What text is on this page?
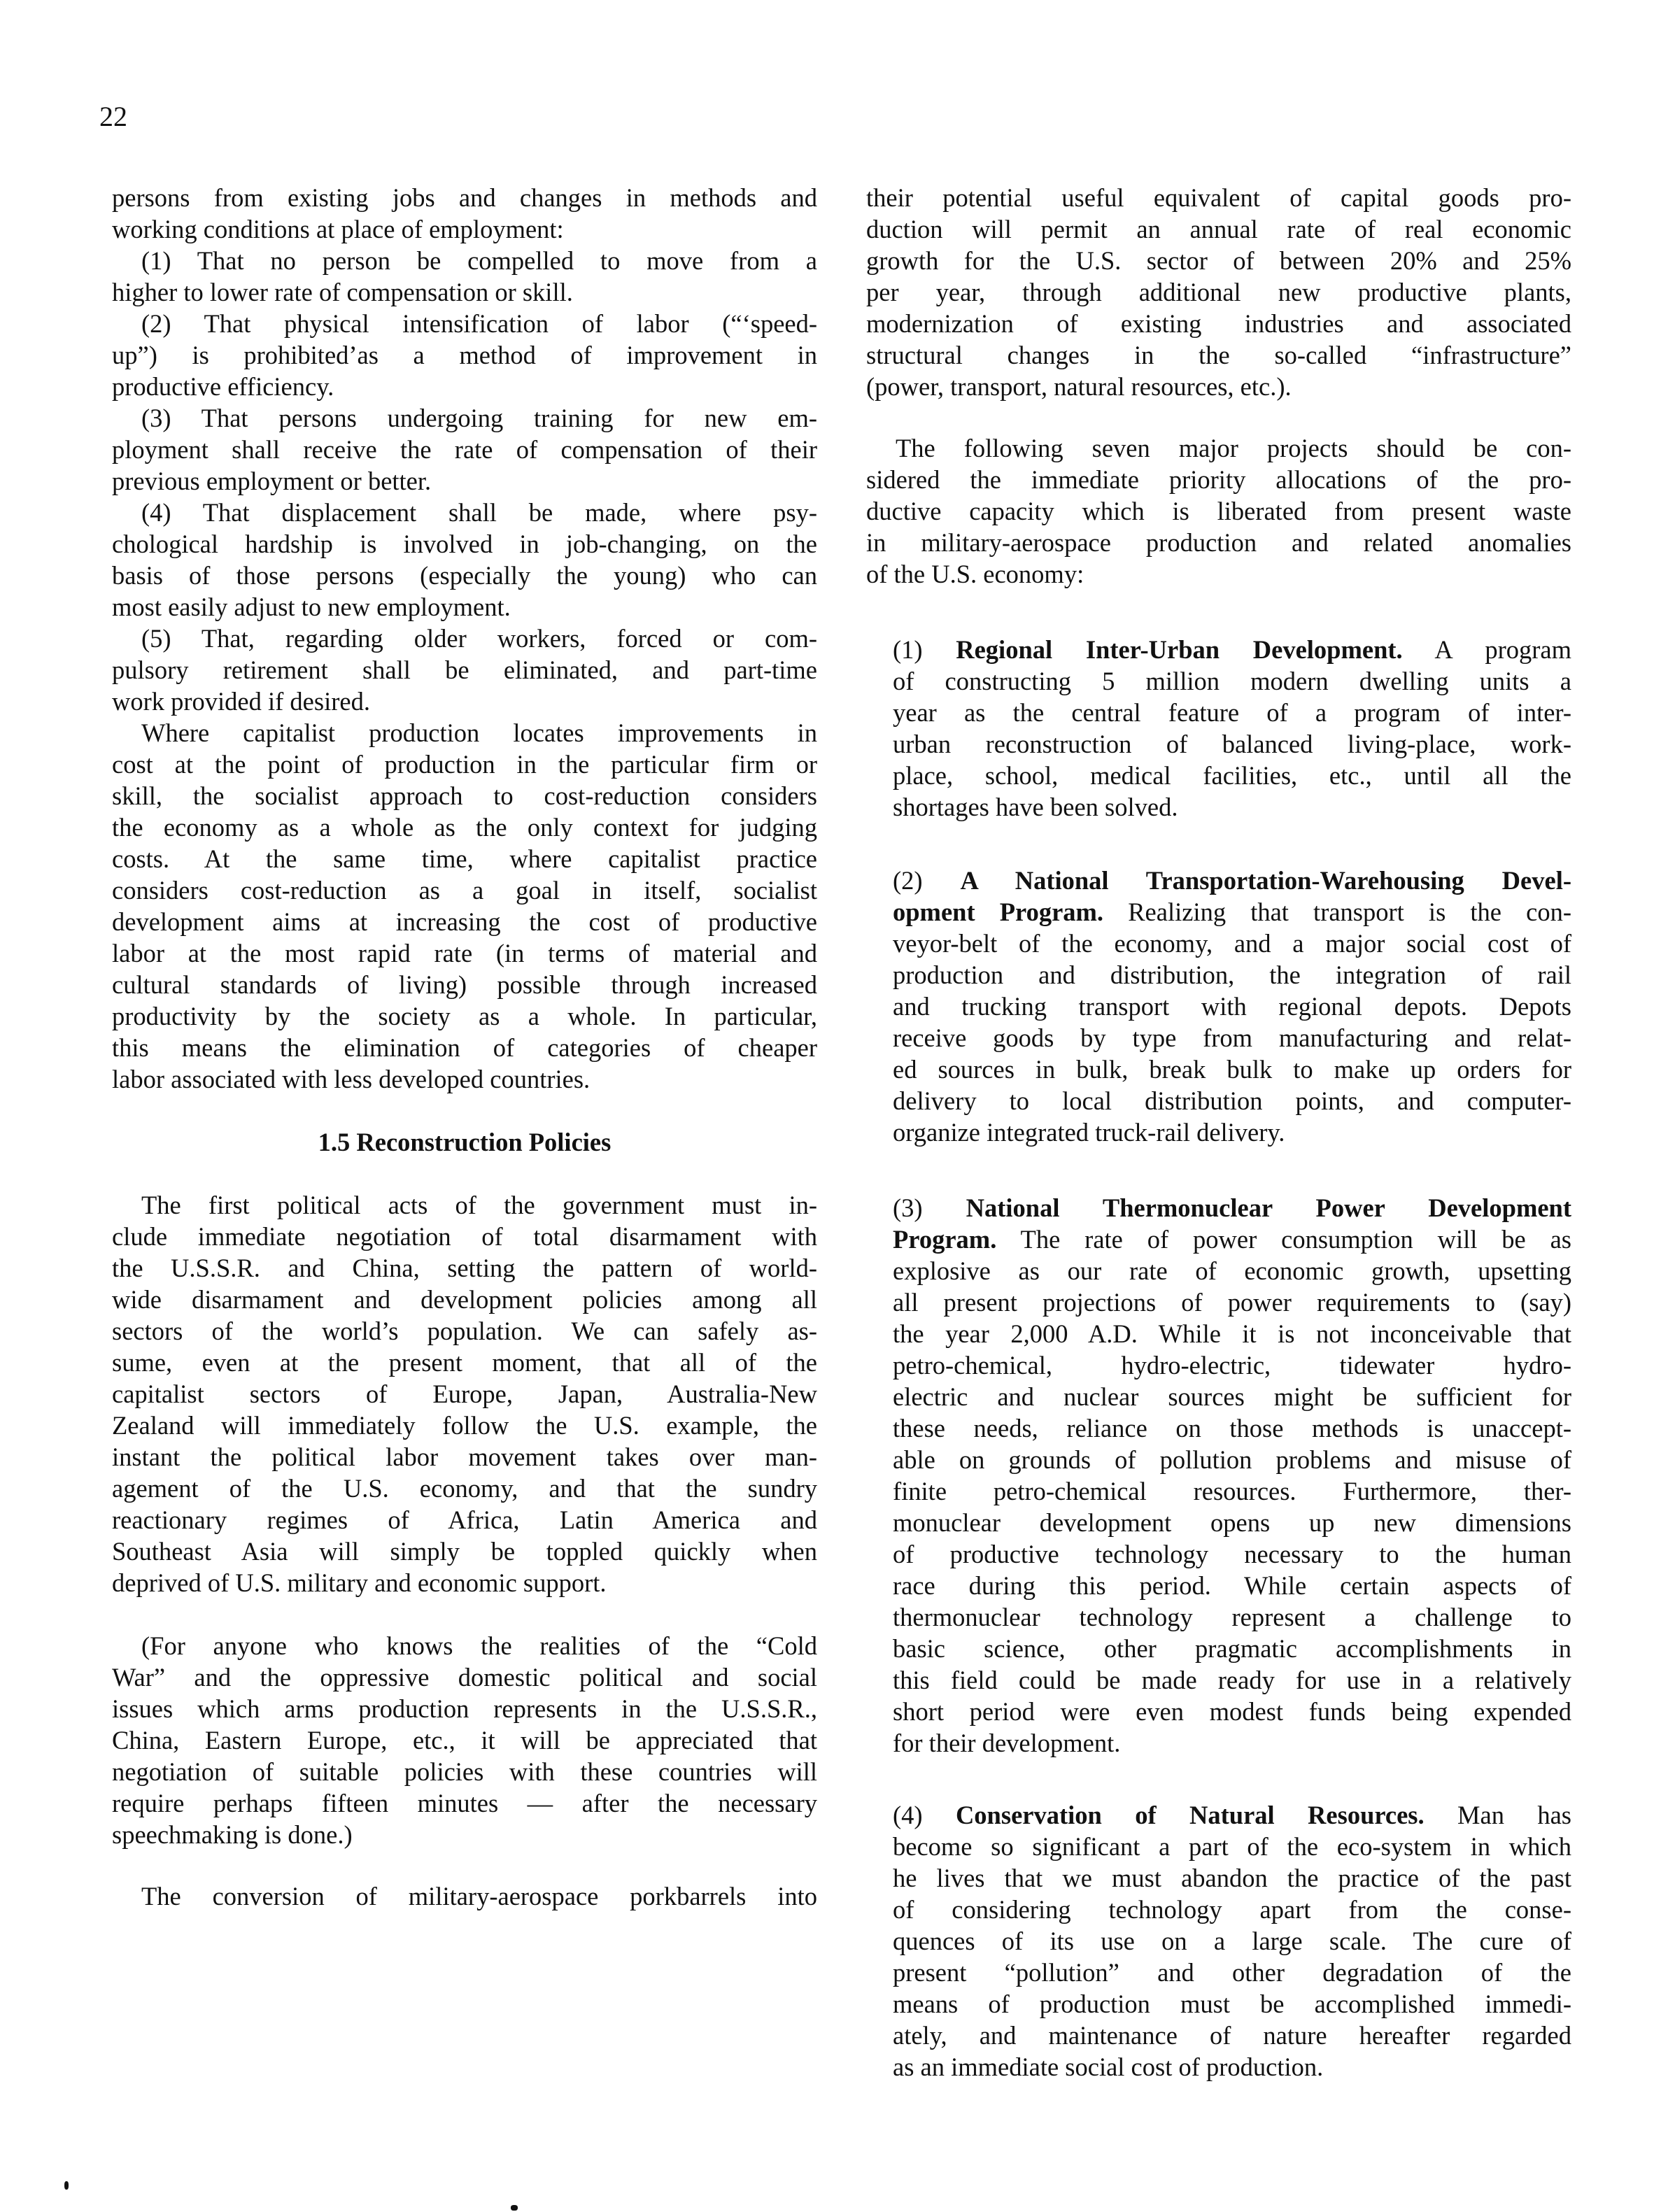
22
persons from existing jobs and changes in methods and
working conditions at place of employment:
(1) That no person be compelled to move from a
higher to lower rate of compensation or skill.
(2) That physical intensification of labor (“‘speed-
up”) is prohibited’as a method of improvement in
productive efficiency.
(3) That persons undergoing training for new em-
ployment shall receive the rate of compensation of their
previous employment or better.
(4) That displacement shall be made, where psy-
chological hardship is involved in job-changing, on the
basis of those persons (especially the young) who can
most easily adjust to new employment.
(5) That, regarding older workers, forced or com-
pulsory retirement shall be eliminated, and part-time
work provided if desired.
Where capitalist production locates improvements in
cost at the point of production in the particular firm or
skill, the socialist approach to cost-reduction considers
the economy as a whole as the only context for judging
costs. At the same time, where capitalist practice
considers cost-reduction as a goal in itself, socialist
development aims at increasing the cost of productive
labor at the most rapid rate (in terms of material and
cultural standards of living) possible through increased
productivity by the society as a whole. In particular,
this means the elimination of categories of cheaper
labor associated with less developed countries.
1.5 Reconstruction Policies
The first political acts of the government must in-
clude immediate negotiation of total disarmament with
the U.S.S.R. and China, setting the pattern of world-
wide disarmament and development policies among all
sectors of the world’s population. We can safely as-
sume, even at the present moment, that all of the
capitalist sectors of Europe, Japan, Australia-New
Zealand will immediately follow the U.S. example, the
instant the political labor movement takes over man-
agement of the U.S. economy, and that the sundry
reactionary regimes of Africa, Latin America and
Southeast Asia will simply be toppled quickly when
deprived of U.S. military and economic support.
(For anyone who knows the realities of the “Cold
War” and the oppressive domestic political and social
issues which arms production represents in the U.S.S.R.,
China, Eastern Europe, etc., it will be appreciated that
negotiation of suitable policies with these countries will
require perhaps fifteen minutes — after the necessary
speechmaking is done.)
The conversion of military-aerospace porkbarrels into
their potential useful equivalent of capital goods pro-
duction will permit an annual rate of real economic
growth for the U.S. sector of between 20% and 25%
per year, through additional new productive plants,
modernization of existing industries and associated
structural changes in the so-called “infrastructure”
(power, transport, natural resources, etc.).
The following seven major projects should be con-
sidered the immediate priority allocations of the pro-
ductive capacity which is liberated from present waste
in military-aerospace production and related anomalies
of the U.S. economy:
(1) Regional Inter-Urban Development. A program
of constructing 5 million modern dwelling units a
year as the central feature of a program of inter-
urban reconstruction of balanced living-place, work-
place, school, medical facilities, etc., until all the
shortages have been solved.
(2) A National Transportation-Warehousing Devel-
opment Program. Realizing that transport is the con-
veyor-belt of the economy, and a major social cost of
production and distribution, the integration of rail
and trucking transport with regional depots. Depots
receive goods by type from manufacturing and relat-
ed sources in bulk, break bulk to make up orders for
delivery to local distribution points, and computer-
organize integrated truck-rail delivery.
(3) National Thermonuclear Power Development
Program. The rate of power consumption will be as
explosive as our rate of economic growth, upsetting
all present projections of power requirements to (say)
the year 2,000 A.D. While it is not inconceivable that
petro-chemical, hydro-electric, tidewater hydro-
electric and nuclear sources might be sufficient for
these needs, reliance on those methods is unaccept-
able on grounds of pollution problems and misuse of
finite petro-chemical resources. Furthermore, ther-
monuclear development opens up new dimensions
of productive technology necessary to the human
race during this period. While certain aspects of
thermonuclear technology represent a challenge to
basic science, other pragmatic accomplishments in
this field could be made ready for use in a relatively
short period were even modest funds being expended
for their development.
(4) Conservation of Natural Resources. Man has
become so significant a part of the eco-system in which
he lives that we must abandon the practice of the past
of considering technology apart from the conse-
quences of its use on a large scale. The cure of
present “pollution” and other degradation of the
means of production must be accomplished immedi-
ately, and maintenance of nature hereafter regarded
as an immediate social cost of production.
